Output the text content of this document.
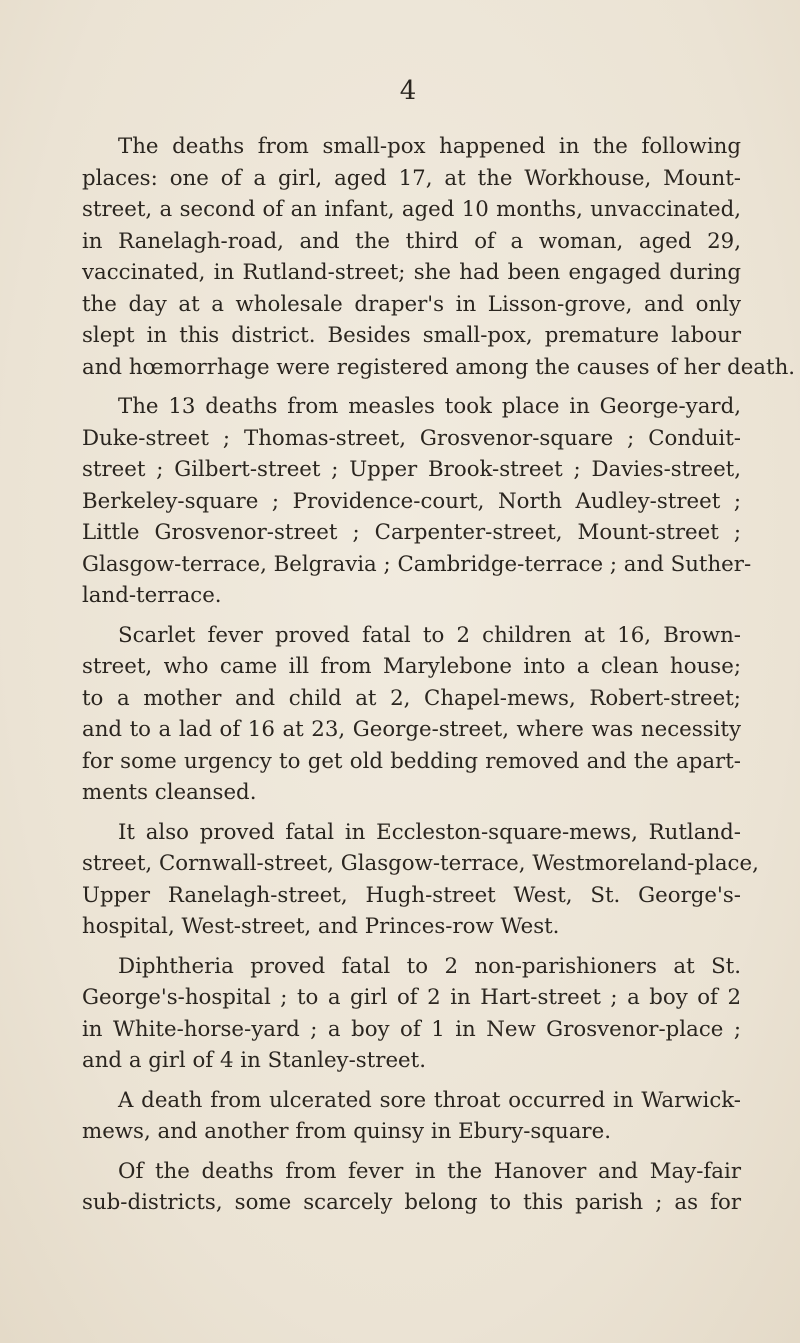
4
The deaths from small-pox happened in the following
places: one of a girl, aged 17, at the Workhouse, Mount-
street, a second of an infant, aged 10 months, unvaccinated,
in Ranelagh-road, and the third of a woman, aged 29,
vaccinated, in Rutland-street; she had been engaged during
the day at a wholesale draper's in Lisson-grove, and only
slept in this district. Besides small-pox, premature labour
and hœmorrhage were registered among the causes of her death.
The 13 deaths from measles took place in George-yard,
Duke-street ; Thomas-street, Grosvenor-square ; Conduit-
street ; Gilbert-street ; Upper Brook-street ; Davies-street,
Berkeley-square ; Providence-court, North Audley-street ;
Little Grosvenor-street ; Carpenter-street, Mount-street ;
Glasgow-terrace, Belgravia ; Cambridge-terrace ; and Suther-
land-terrace.
Scarlet fever proved fatal to 2 children at 16, Brown-
street, who came ill from Marylebone into a clean house;
to a mother and child at 2, Chapel-mews, Robert-street;
and to a lad of 16 at 23, George-street, where was necessity
for some urgency to get old bedding removed and the apart-
ments cleansed.
It also proved fatal in Eccleston-square-mews, Rutland-
street, Cornwall-street, Glasgow-terrace, Westmoreland-place,
Upper Ranelagh-street, Hugh-street West, St. George's-
hospital, West-street, and Princes-row West.
Diphtheria proved fatal to 2 non-parishioners at St.
George's-hospital ; to a girl of 2 in Hart-street ; a boy of 2
in White-horse-yard ; a boy of 1 in New Grosvenor-place ;
and a girl of 4 in Stanley-street.
A death from ulcerated sore throat occurred in Warwick-
mews, and another from quinsy in Ebury-square.
Of the deaths from fever in the Hanover and May-fair
sub-districts, some scarcely belong to this parish ; as for
